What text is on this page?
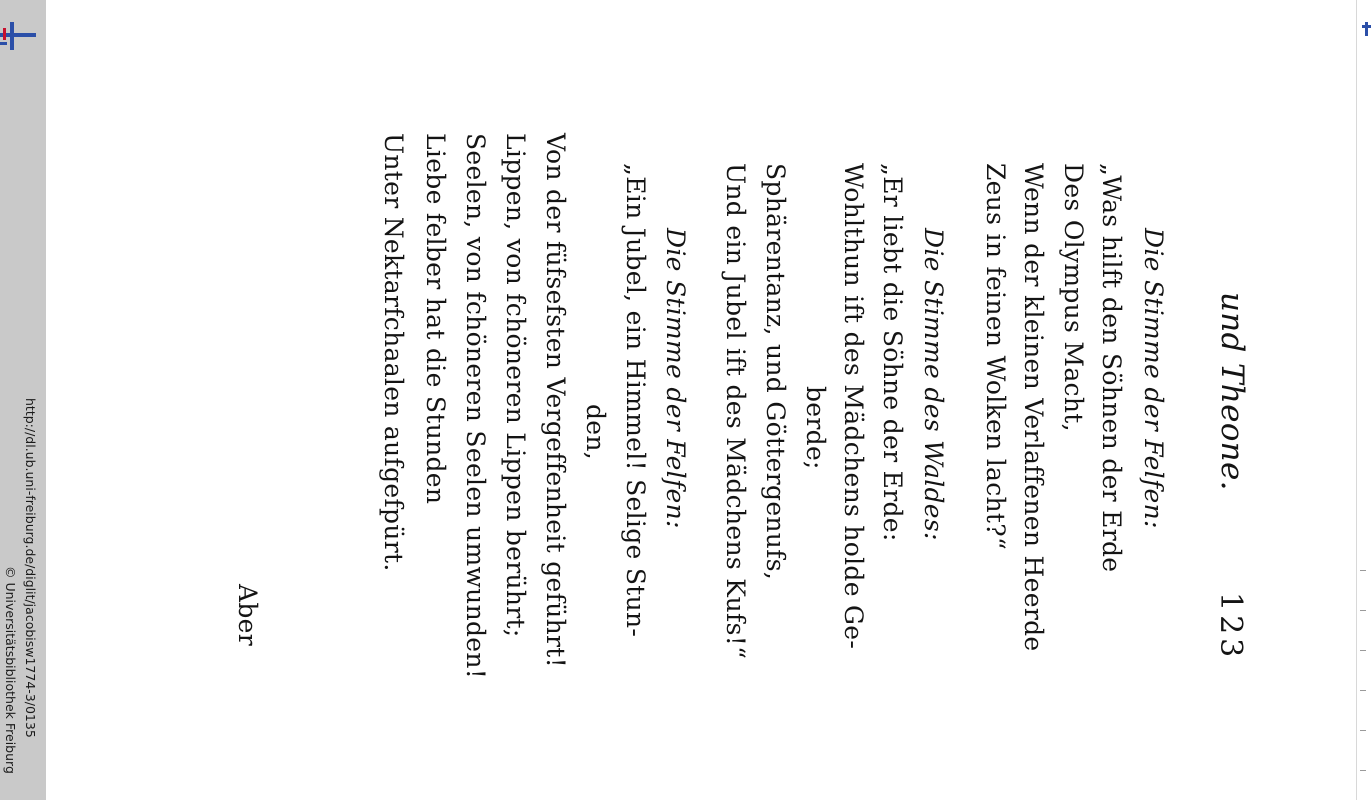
http://dl.ub.uni-freiburg.de/diglit/jacobisw1774-3/0135
© Universitätsbibliothek Freiburg
und Theone.
123
Die Stimme der Felfen:
„Was hilft den Söhnen der Erde
Des Olympus Macht,
Wenn der kleinen Verlaffenen Heerde
Zeus in feinen Wolken lacht?“
Die Stimme des Waldes:
„Er liebt die Söhne der Erde:
Wohlthun ift des Mädchens holde Ge-
berde;
Sphärentanz, und Göttergenufs,
Und ein Jubel ift des Mädchens Kufs!“
Die Stimme der Felfen:
„Ein Jubel, ein Himmel! Selige Stun-
den,
Von der füfsefsten Vergeffenheit geführt!
Lippen, von fchöneren Lippen berührt;
Seelen, von fchöneren Seelen umwunden!
Liebe felber hat die Stunden
Unter Nektarfchaalen aufgefpürt.
Aber
